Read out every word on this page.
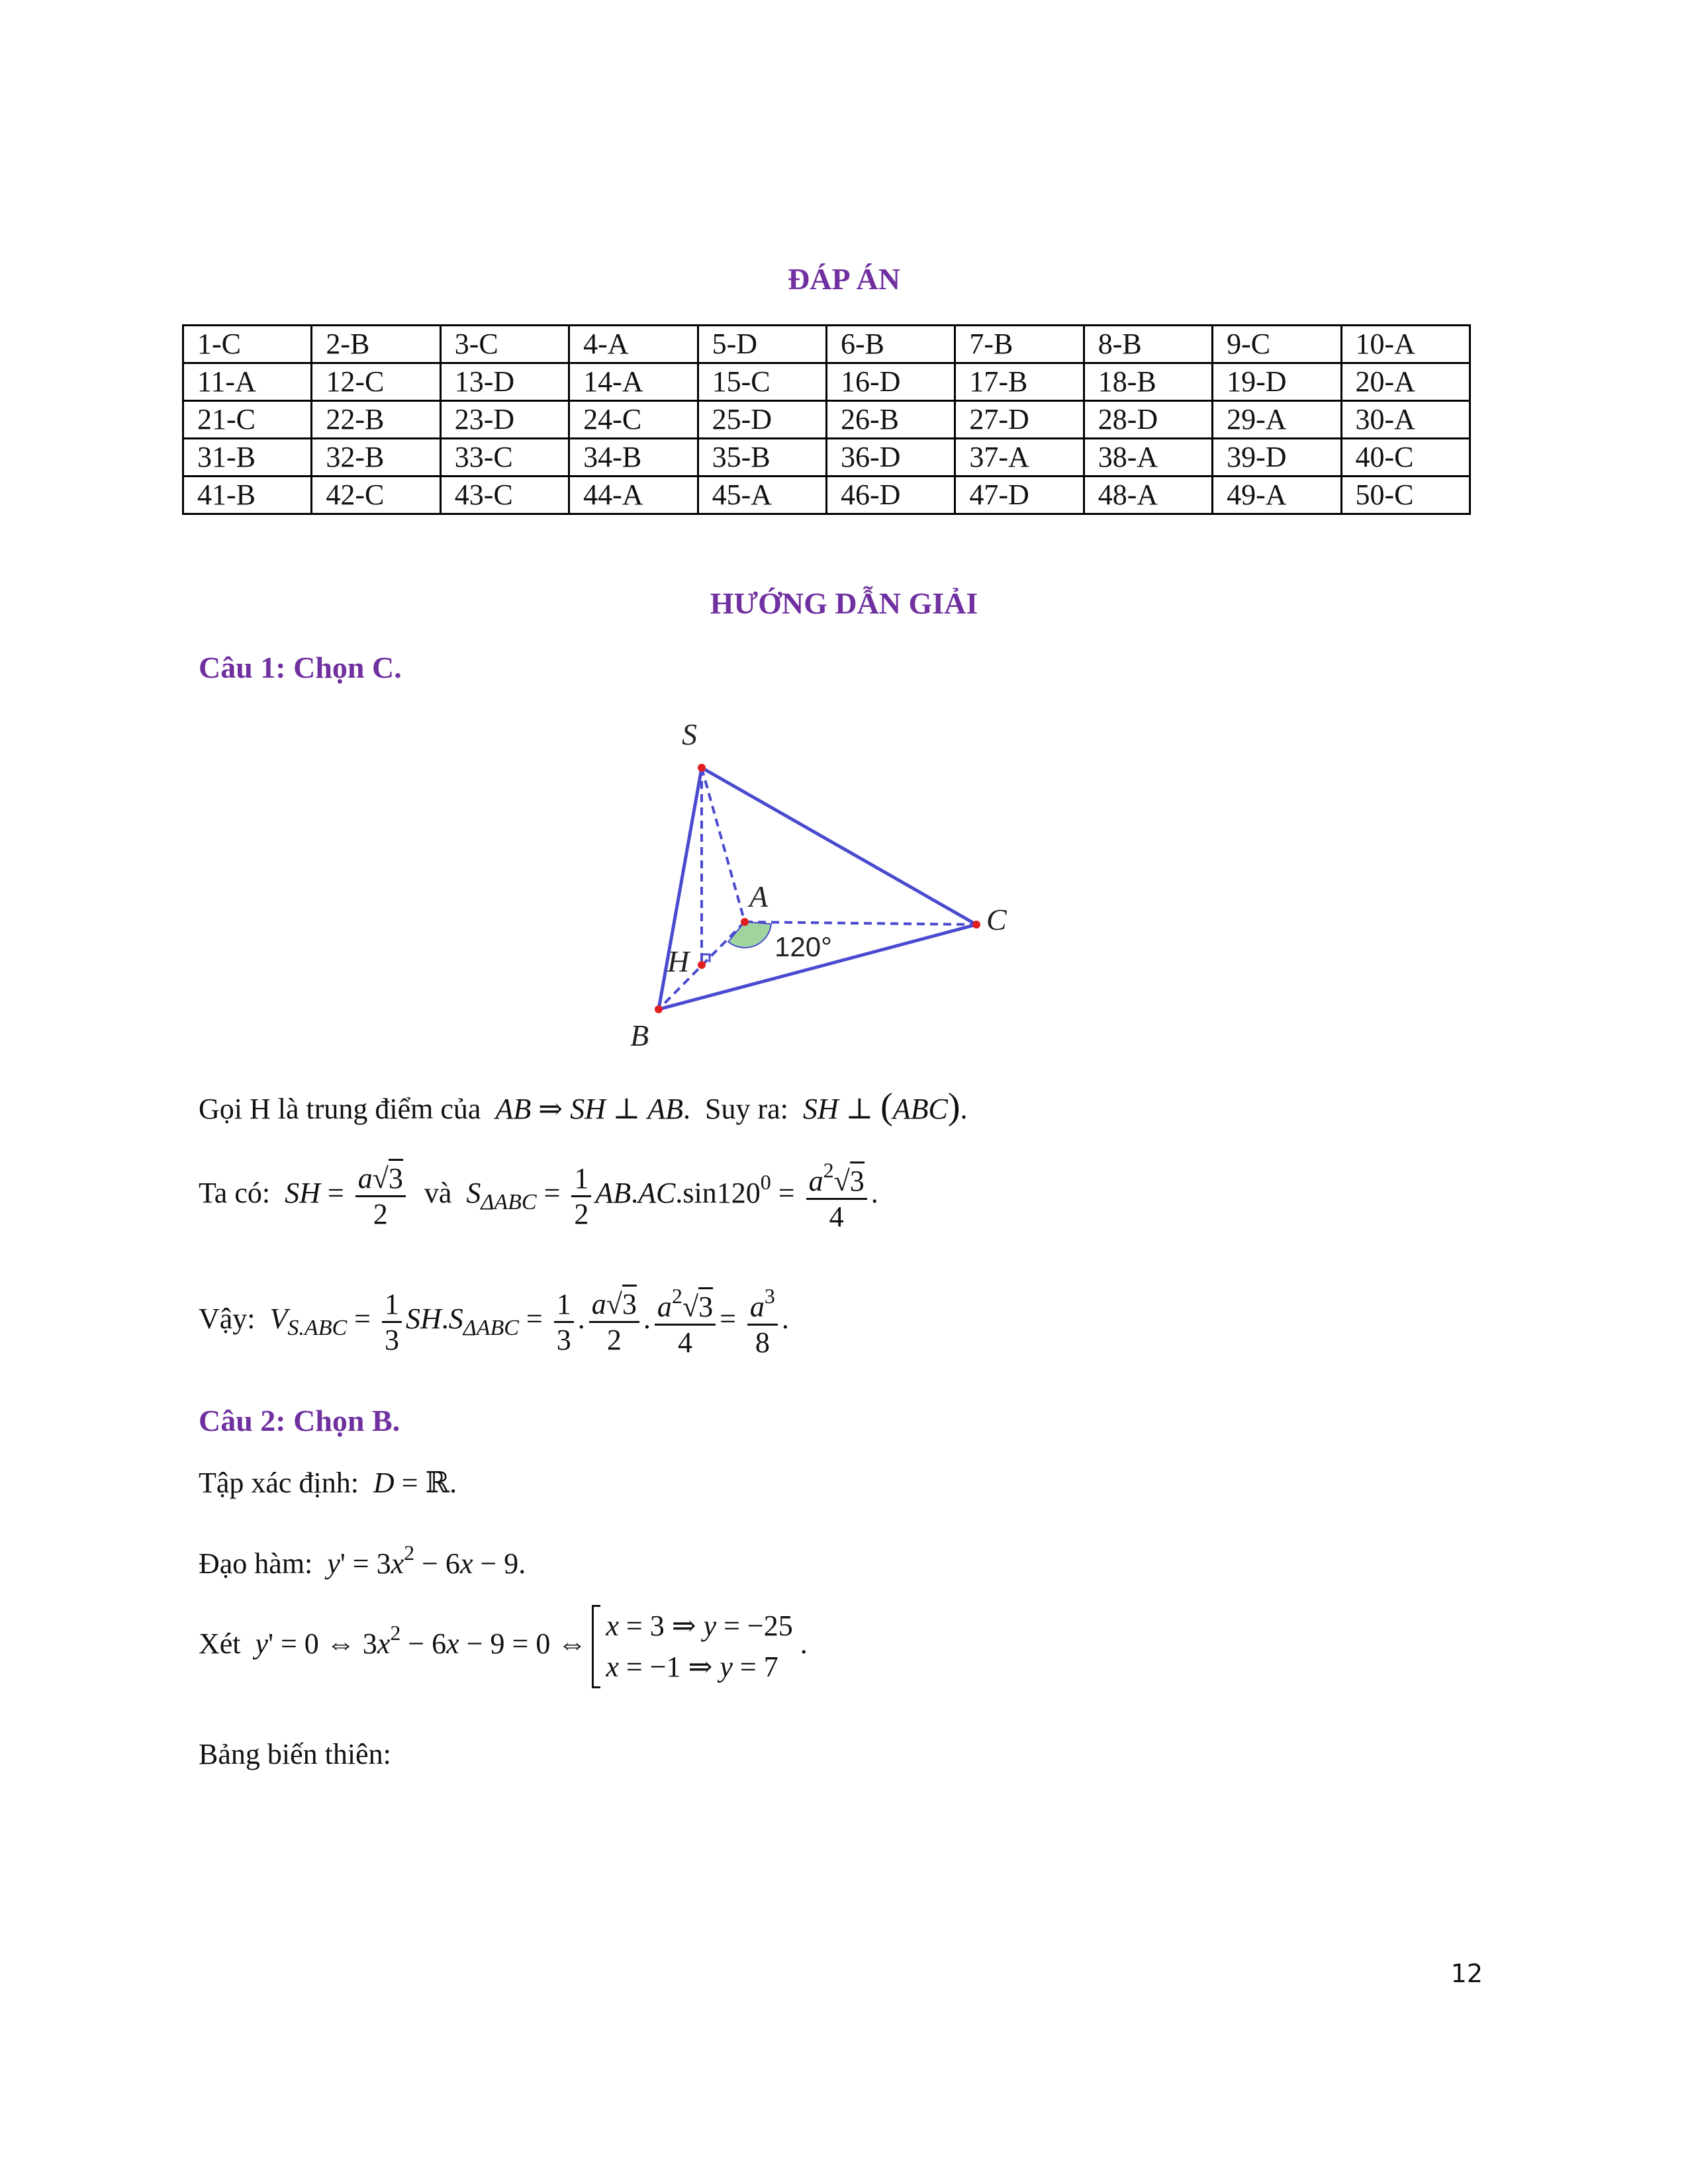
ĐÁP ÁN
1-C	2-B	3-C	4-A	5-D	6-B	7-B	8-B	9-C	10-A
11-A	12-C	13-D	14-A	15-C	16-D	17-B	18-B	19-D	20-A
21-C	22-B	23-D	24-C	25-D	26-B	27-D	28-D	29-A	30-A
31-B	32-B	33-C	34-B	35-B	36-D	37-A	38-A	39-D	40-C
41-B	42-C	43-C	44-A	45-A	46-D	47-D	48-A	49-A	50-C
HƯỚNG DẪN GIẢI
Câu 1: Chọn C.
S
A
C
H
B
120°
Gọi H là trung điểm của AB ⇒ SH ⊥ AB.  Suy ra: SH ⊥ (ABC).
Ta có: SH = $\frac{a√3}{2}$ và $S_{\Delta ABC} = \frac{1}{2} AB.AC.\sin 120^0 = \frac{a^2√3}{4}$ .
Vậy: $V_{S.ABC} = \frac{1}{3} SH.S_{\Delta ABC} = \frac{1}{3}$ . $\frac{a√3}{2}$ . $\frac{a^2√3}{4} = \frac{a^3}{8}$ .
Câu 2: Chọn B.
Tập xác định: D = ℝ.
Đạo hàm: $y' = 3x^2 - 6x - 9$.
Xét y' = 0 ⇔ $3x^2 - 6x - 9 = 0$ ⇔x = 3 ⇒ y = −25
x = −1 ⇒ y = 7 .
Bảng biến thiên:
12
